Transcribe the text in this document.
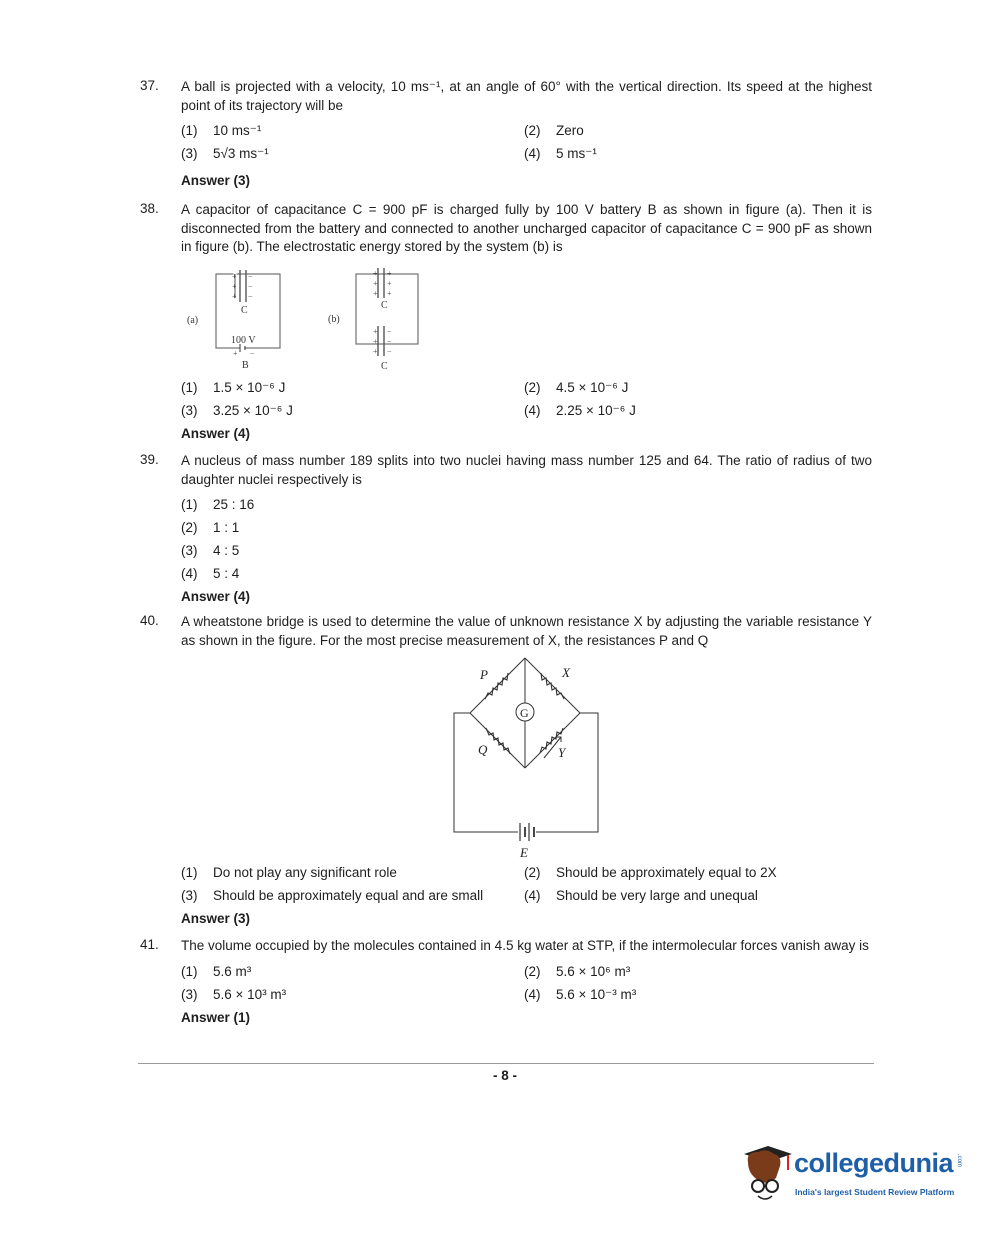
37.	A ball is projected with a velocity, 10 ms⁻¹, at an angle of 60° with the vertical direction. Its speed at the highest point of its trajectory will be
(1) 10 ms⁻¹	(2) Zero
(3) 5√3 ms⁻¹	(4) 5 ms⁻¹
Answer (3)
38.	A capacitor of capacitance C = 900 pF is charged fully by 100 V battery B as shown in figure (a). Then it is disconnected from the battery and connected to another uncharged capacitor of capacitance C = 900 pF as shown in figure (b). The electrostatic energy stored by the system (b) is
+
+
+
−
−
−
+ −
+
+
+
+
+
+
+
+
+
−
−
−
(a)
C
100 V
B
(b)
C
C
(1) 1.5 × 10⁻⁶ J	(2) 4.5 × 10⁻⁶ J
(3) 3.25 × 10⁻⁶ J	(4) 2.25 × 10⁻⁶ J
Answer (4)
39.	A nucleus of mass number 189 splits into two nuclei having mass number 125 and 64. The ratio of radius of two daughter nuclei respectively is
(1) 25 : 16
(2) 1 : 1
(3) 4 : 5
(4) 5 : 4
Answer (4)
40.	A wheatstone bridge is used to determine the value of unknown resistance X by adjusting the variable resistance Y as shown in the figure. For the most precise measurement of X, the resistances P and Q
P	X
Q	Y
E
G
(1) Do not play any significant role	(2) Should be approximately equal to 2X
(3) Should be approximately equal and are small	(4) Should be very large and unequal
Answer (3)
41.	The volume occupied by the molecules contained in 4.5 kg water at STP, if the intermolecular forces vanish away is
(1) 5.6 m³	(2) 5.6 × 10⁶ m³
(3) 5.6 × 10³ m³	(4) 5.6 × 10⁻³ m³
Answer (1)
- 8 -
collegedunia .com
India's largest Student Review Platform
